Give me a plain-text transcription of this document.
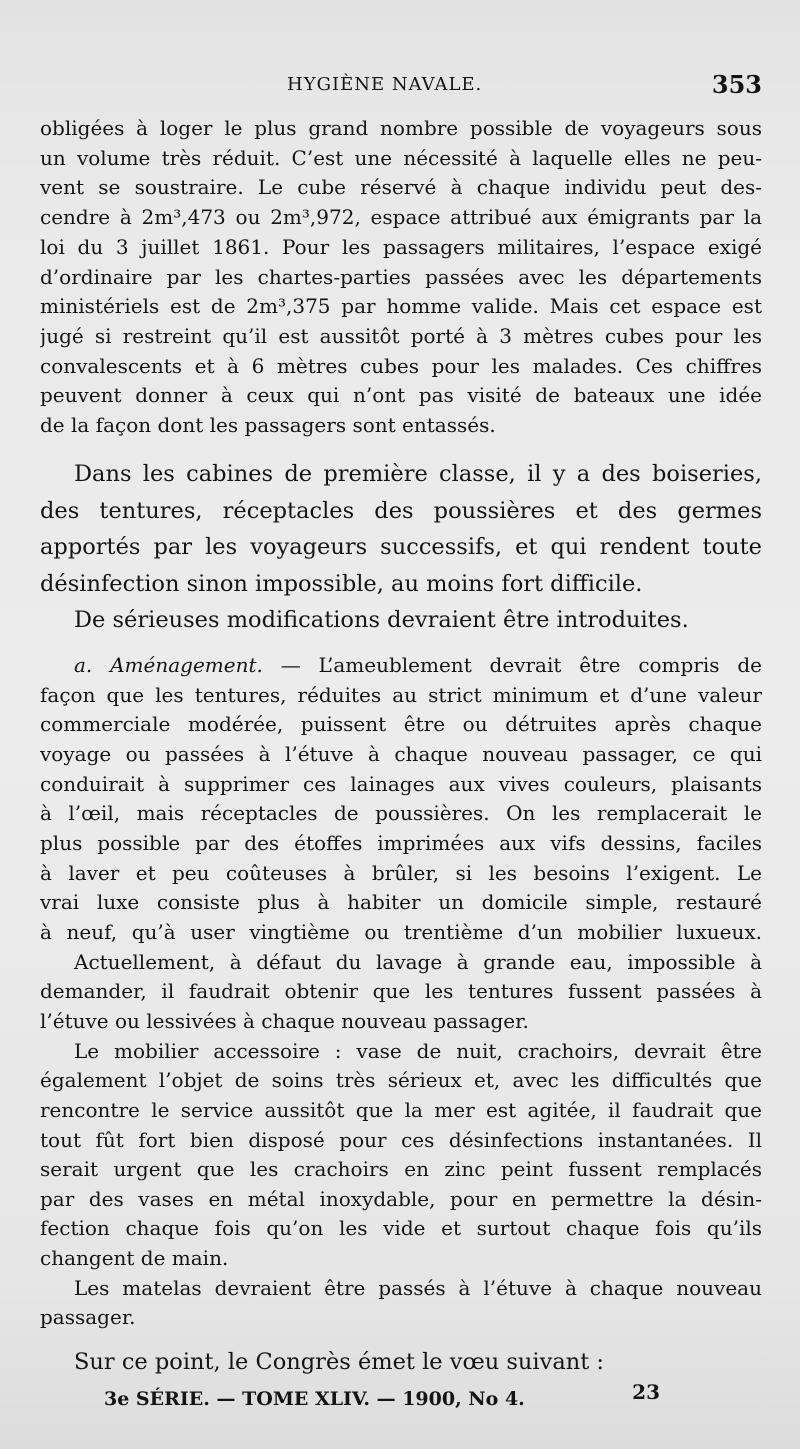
HYGIÈNE NAVALE.	353
obligées à loger le plus grand nombre possible de voyageurs sous
un volume très réduit. C’est une nécessité à laquelle elles ne peu-
vent se soustraire. Le cube réservé à chaque individu peut des-
cendre à 2m³,473 ou 2m³,972, espace attribué aux émigrants par la
loi du 3 juillet 1861. Pour les passagers militaires, l’espace exigé
d’ordinaire par les chartes-parties passées avec les départements
ministériels est de 2m³,375 par homme valide. Mais cet espace est
jugé si restreint qu’il est aussitôt porté à 3 mètres cubes pour les
convalescents et à 6 mètres cubes pour les malades. Ces chiffres
peuvent donner à ceux qui n’ont pas visité de bateaux une idée
de la façon dont les passagers sont entassés.
Dans les cabines de première classe, il y a des boiseries,
des tentures, réceptacles des poussières et des germes
apportés par les voyageurs successifs, et qui rendent toute
désinfection sinon impossible, au moins fort difficile.
De sérieuses modifications devraient être introduites.
a. Aménagement. — L’ameublement devrait être compris de
façon que les tentures, réduites au strict minimum et d’une valeur
commerciale modérée, puissent être ou détruites après chaque
voyage ou passées à l’étuve à chaque nouveau passager, ce qui
conduirait à supprimer ces lainages aux vives couleurs, plaisants
à l’œil, mais réceptacles de poussières. On les remplacerait le
plus possible par des étoffes imprimées aux vifs dessins, faciles
à laver et peu coûteuses à brûler, si les besoins l’exigent. Le
vrai luxe consiste plus à habiter un domicile simple, restauré
à neuf, qu’à user vingtième ou trentième d’un mobilier luxueux.
Actuellement, à défaut du lavage à grande eau, impossible à
demander, il faudrait obtenir que les tentures fussent passées à
l’étuve ou lessivées à chaque nouveau passager.
Le mobilier accessoire : vase de nuit, crachoirs, devrait être
également l’objet de soins très sérieux et, avec les difficultés que
rencontre le service aussitôt que la mer est agitée, il faudrait que
tout fût fort bien disposé pour ces désinfections instantanées. Il
serait urgent que les crachoirs en zinc peint fussent remplacés
par des vases en métal inoxydable, pour en permettre la désin-
fection chaque fois qu’on les vide et surtout chaque fois qu’ils
changent de main.
Les matelas devraient être passés à l’étuve à chaque nouveau
passager.
Sur ce point, le Congrès émet le vœu suivant :
3e SÉRIE. — TOME XLIV. — 1900, No 4.	23
